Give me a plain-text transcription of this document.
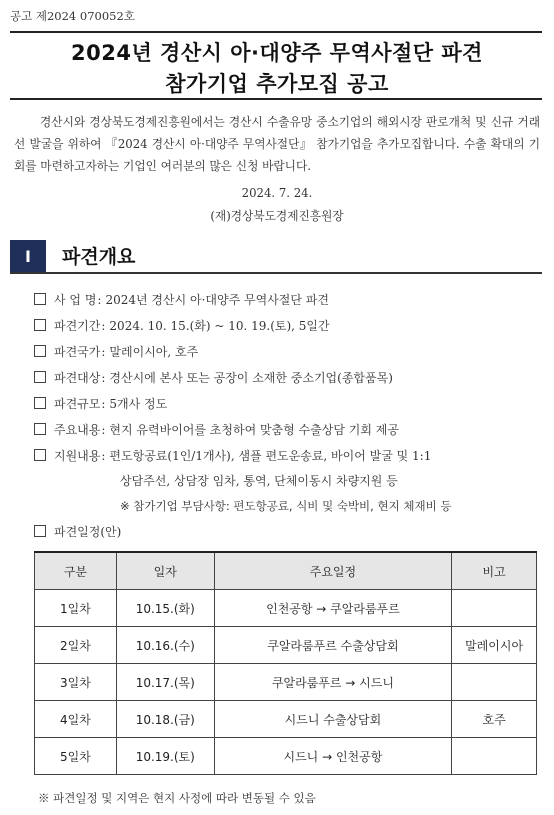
공고 제2024 070052호
2024년 경산시 아·대양주 무역사절단 파견
참가기업 추가모집 공고
경산시와 경상북도경제진흥원에서는 경산시 수출유망 중소기업의 해외시장 판로개척 및 신규 거래선 발굴을 위하여 『2024 경산시 아·대양주 무역사절단』 참가기업을 추가모집합니다. 수출 확대의 기회를 마련하고자하는 기업인 여러분의 많은 신청 바랍니다.
2024. 7. 24.
(재)경상북도경제진흥원장
Ⅰ	파견개요
사 업 명: 2024년 경산시 아·대양주 무역사절단 파견
파견기간: 2024. 10. 15.(화) ~ 10. 19.(토), 5일간
파견국가: 말레이시아, 호주
파견대상: 경산시에 본사 또는 공장이 소재한 중소기업(종합품목)
파견규모: 5개사 정도
주요내용: 현지 유력바이어를 초청하여 맞춤형 수출상담 기회 제공
지원내용: 편도항공료(1인/1개사), 샘플 편도운송료, 바이어 발굴 및 1:1
상담주선, 상담장 임차, 통역, 단체이동시 차량지원 등
※ 참가기업 부담사항: 편도항공료, 식비 및 숙박비, 현지 체재비 등
파견일정(안)
구분	일자	주요일정	비고
1일차	10.15.(화)	인천공항 → 쿠알라룸푸르	
2일차	10.16.(수)	쿠알라룸푸르 수출상담회	말레이시아
3일차	10.17.(목)	쿠알라룸푸르 → 시드니	
4일차	10.18.(금)	시드니 수출상담회	호주
5일차	10.19.(토)	시드니 → 인천공항	
※ 파견일정 및 지역은 현지 사정에 따라 변동될 수 있음
